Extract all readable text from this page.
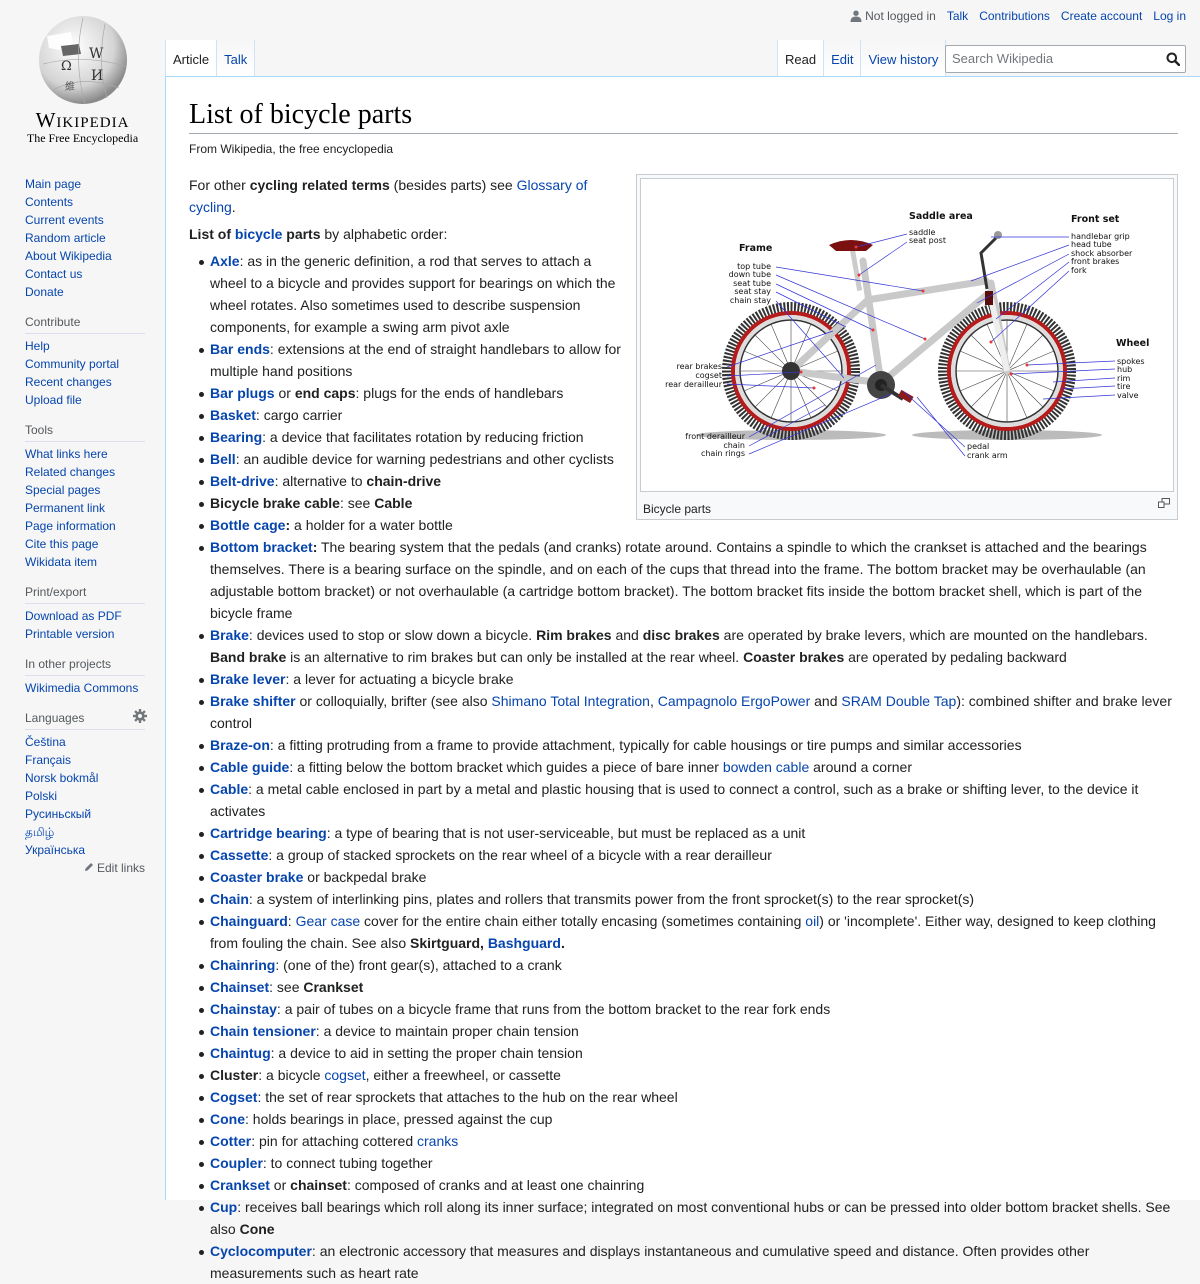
Ω
W
И
維
Wikipedia
The Free Encyclopedia
Not logged in Talk Contributions Create account Log in
Article Talk	Read Edit View history	Search Wikipedia
Main page
Contents
Current events
Random article
About Wikipedia
Contact us
Donate
Contribute
Help
Community portal
Recent changes
Upload file
Tools
What links here
Related changes
Special pages
Permanent link
Page information
Cite this page
Wikidata item
Print/export
Download as PDF
Printable version
In other projects
Wikimedia Commons
Languages
Čeština
Français
Norsk bokmål
Polski
Русиньскый
தமிழ்
Українська
Edit links
List of bicycle parts
From Wikipedia, the free encyclopedia
Saddle area
saddle
seat post
Front set
handlebar grip
head tube
shock absorber
front brakes
fork
Frame
top tube
down tube
seat tube
seat stay
chain stay
Wheel
spokes
hub
rim
tire
valve
rear brakes
cogset
rear derailleur
front derailleur
chain
chain rings
pedal
crank arm
Bicycle parts

For other cycling related terms (besides parts) see Glossary of cycling.

List of bicycle parts by alphabetic order:

Axle: as in the generic definition, a rod that serves to attach a wheel to a bicycle and provides support for bearings on which the wheel rotates. Also sometimes used to describe suspension components, for example a swing arm pivot axle
Bar ends: extensions at the end of straight handlebars to allow for multiple hand positions
Bar plugs or end caps: plugs for the ends of handlebars
Basket: cargo carrier
Bearing: a device that facilitates rotation by reducing friction
Bell: an audible device for warning pedestrians and other cyclists
Belt-drive: alternative to chain-drive
Bicycle brake cable: see Cable
Bottle cage: a holder for a water bottle
Bottom bracket: The bearing system that the pedals (and cranks) rotate around. Contains a spindle to which the crankset is attached and the bearings themselves. There is a bearing surface on the spindle, and on each of the cups that thread into the frame. The bottom bracket may be overhaulable (an adjustable bottom bracket) or not overhaulable (a cartridge bottom bracket). The bottom bracket fits inside the bottom bracket shell, which is part of the bicycle frame
Brake: devices used to stop or slow down a bicycle. Rim brakes and disc brakes are operated by brake levers, which are mounted on the handlebars. Band brake is an alternative to rim brakes but can only be installed at the rear wheel. Coaster brakes are operated by pedaling backward
Brake lever: a lever for actuating a bicycle brake
Brake shifter or colloquially, brifter (see also Shimano Total Integration, Campagnolo ErgoPower and SRAM Double Tap): combined shifter and brake lever control
Braze-on: a fitting protruding from a frame to provide attachment, typically for cable housings or tire pumps and similar accessories
Cable guide: a fitting below the bottom bracket which guides a piece of bare inner bowden cable around a corner
Cable: a metal cable enclosed in part by a metal and plastic housing that is used to connect a control, such as a brake or shifting lever, to the device it activates
Cartridge bearing: a type of bearing that is not user-serviceable, but must be replaced as a unit
Cassette: a group of stacked sprockets on the rear wheel of a bicycle with a rear derailleur
Coaster brake or backpedal brake
Chain: a system of interlinking pins, plates and rollers that transmits power from the front sprocket(s) to the rear sprocket(s)
Chainguard: Gear case cover for the entire chain either totally encasing (sometimes containing oil) or 'incomplete'. Either way, designed to keep clothing from fouling the chain. See also Skirtguard, Bashguard.
Chainring: (one of the) front gear(s), attached to a crank
Chainset: see Crankset
Chainstay: a pair of tubes on a bicycle frame that runs from the bottom bracket to the rear fork ends
Chain tensioner: a device to maintain proper chain tension
Chaintug: a device to aid in setting the proper chain tension
Cluster: a bicycle cogset, either a freewheel, or cassette
Cogset: the set of rear sprockets that attaches to the hub on the rear wheel
Cone: holds bearings in place, pressed against the cup
Cotter: pin for attaching cottered cranks
Coupler: to connect tubing together
Crankset or chainset: composed of cranks and at least one chainring
Cup: receives ball bearings which roll along its inner surface; integrated on most conventional hubs or can be pressed into older bottom bracket shells. See also Cone
Cyclocomputer: an electronic accessory that measures and displays instantaneous and cumulative speed and distance. Often provides other measurements such as heart rate
